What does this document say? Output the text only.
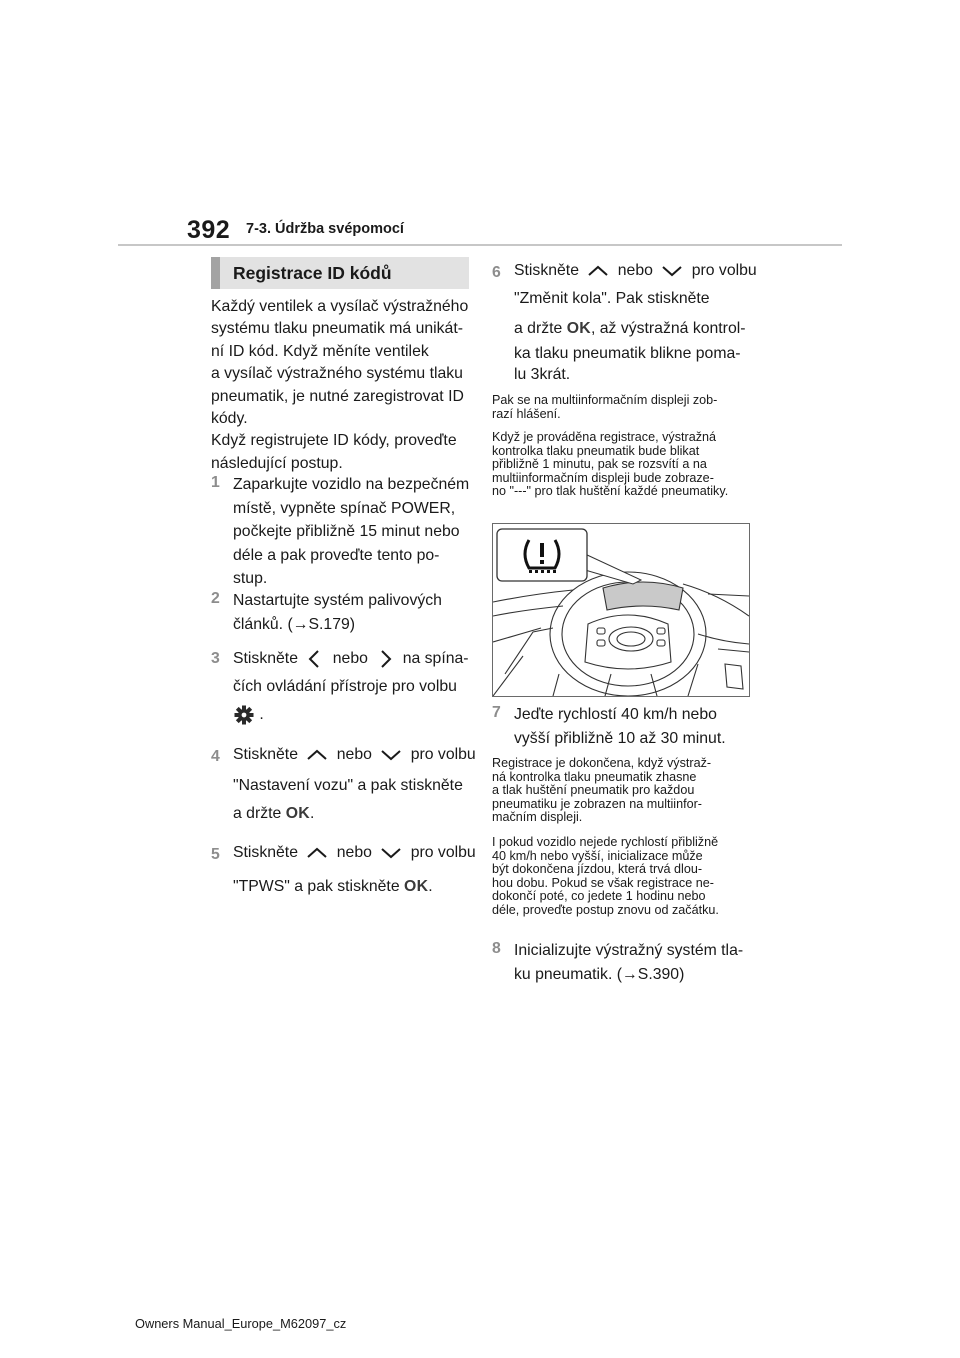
392 7-3. Údržba svépomocí
Registrace ID kódů
Každý ventilek a vysílač výstražného
systému tlaku pneumatik má unikát-
ní ID kód. Když měníte ventilek
a vysílač výstražného systému tlaku
pneumatik, je nutné zaregistrovat ID
kódy.
Když registrujete ID kódy, proveďte
následující postup.
1 Zaparkujte vozidlo na bezpečném
místě, vypněte spínač POWER,
počkejte přibližně 15 minut nebo
déle a pak proveďte tento po-
stup.
2 Nastartujte systém palivových
článků. (→S.179)
3 Stiskněte nebo na spína-
čích ovládání přístroje pro volbu
.
4 Stiskněte nebo pro volbu
"Nastavení vozu" a pak stiskněte
a držte OK.
5 Stiskněte nebo pro volbu
"TPWS" a pak stiskněte OK.
6 Stiskněte nebo pro volbu
"Změnit kola". Pak stiskněte
a držte OK, až výstražná kontrol-
ka tlaku pneumatik blikne poma-
lu 3krát.
Pak se na multiinformačním displeji zob-
razí hlášení.
Když je prováděna registrace, výstražná
kontrolka tlaku pneumatik bude blikat
přibližně 1 minutu, pak se rozsvítí a na
multiinformačním displeji bude zobraze-
no "---" pro tlak huštění každé pneumatiky.
7 Jeďte rychlostí 40 km/h nebo
vyšší přibližně 10 až 30 minut.
Registrace je dokončena, když výstraž-
ná kontrolka tlaku pneumatik zhasne
a tlak huštění pneumatik pro každou
pneumatiku je zobrazen na multiinfor-
mačním displeji.
I pokud vozidlo nejede rychlostí přibližně
40 km/h nebo vyšší, inicializace může
být dokončena jízdou, která trvá dlou-
hou dobu. Pokud se však registrace ne-
dokončí poté, co jedete 1 hodinu nebo
déle, proveďte postup znovu od začátku.
8 Inicializujte výstražný systém tla-
ku pneumatik. (→S.390)
Owners Manual_Europe_M62097_cz
